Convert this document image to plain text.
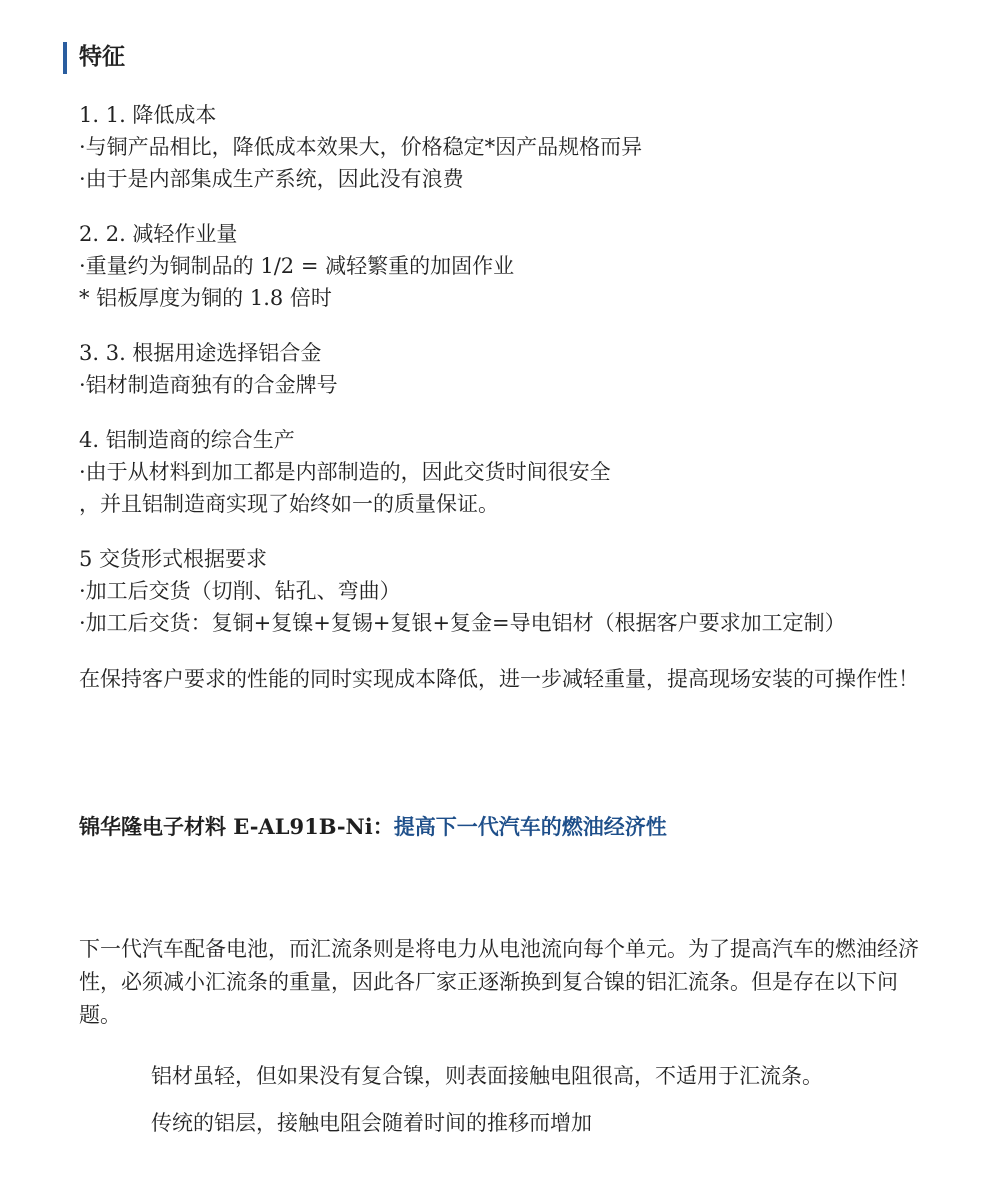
特征
1. 1. 降低成本
·与铜产品相比，降低成本效果大，价格稳定*因产品规格而异
·由于是内部集成生产系统，因此没有浪费
2. 2. 减轻作业量
·重量约为铜制品的 1/2 = 减轻繁重的加固作业
* 铝板厚度为铜的 1.8 倍时
3. 3. 根据用途选择铝合金
·铝材制造商独有的合金牌号
4. 铝制造商的综合生产
·由于从材料到加工都是内部制造的，因此交货时间很安全
，并且铝制造商实现了始终如一的质量保证。
5 交货形式根据要求
·加工后交货（切削、钻孔、弯曲）
·加工后交货：复铜+复镍+复锡+复银+复金=导电铝材（根据客户要求加工定制）
在保持客户要求的性能的同时实现成本降低，进一步减轻重量，提高现场安装的可操作性！
锦华隆电子材料 E-AL91B-Ni：提高下一代汽车的燃油经济性
下一代汽车配备电池，而汇流条则是将电力从电池流向每个单元。为了提高汽车的燃油经济性，必须减小汇流条的重量，因此各厂家正逐渐换到复合镍的铝汇流条。但是存在以下问题。
铝材虽轻，但如果没有复合镍，则表面接触电阻很高，不适用于汇流条。
传统的铝层，接触电阻会随着时间的推移而增加
